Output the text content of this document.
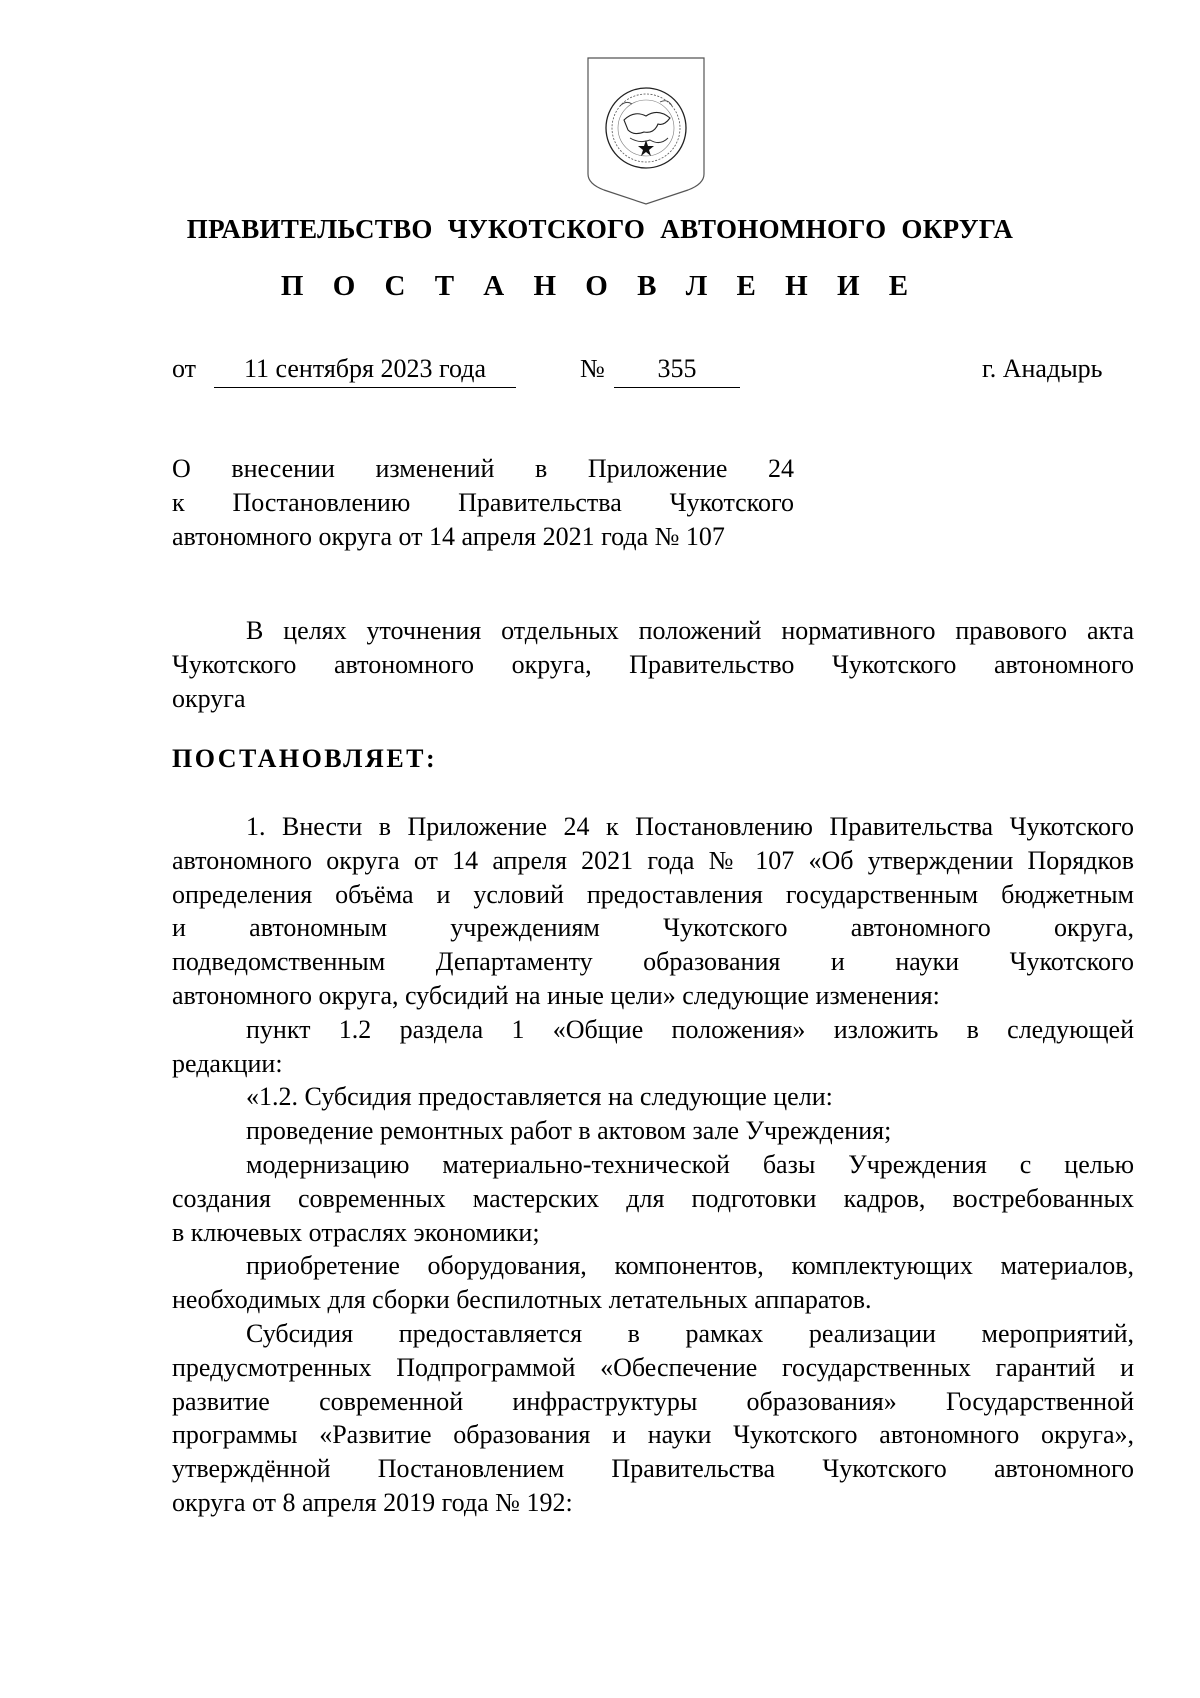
ПРАВИТЕЛЬСТВО ЧУКОТСКОГО АВТОНОМНОГО ОКРУГА
П О С Т А Н О В Л Е Н И Е
от	11 сентября 2023 года	№	355	г. Анадырь
О внесении изменений в Приложение 24
к Постановлению Правительства Чукотского
автономного округа от 14 апреля 2021 года № 107
В целях уточнения отдельных положений нормативного правового акта
Чукотского автономного округа, Правительство Чукотского автономного
округа
ПОСТАНОВЛЯЕТ:
1. Внести в Приложение 24 к Постановлению Правительства Чукотского
автономного округа от 14 апреля 2021 года № 107 «Об утверждении Порядков
определения объёма и условий предоставления государственным бюджетным
и автономным учреждениям Чукотского автономного округа,
подведомственным Департаменту образования и науки Чукотского
автономного округа, субсидий на иные цели» следующие изменения:
пункт 1.2 раздела 1 «Общие положения» изложить в следующей
редакции:
«1.2. Субсидия предоставляется на следующие цели:
проведение ремонтных работ в актовом зале Учреждения;
модернизацию материально-технической базы Учреждения с целью
создания современных мастерских для подготовки кадров, востребованных
в ключевых отраслях экономики;
приобретение оборудования, компонентов, комплектующих материалов,
необходимых для сборки беспилотных летательных аппаратов.
Субсидия предоставляется в рамках реализации мероприятий,
предусмотренных Подпрограммой «Обеспечение государственных гарантий и
развитие современной инфраструктуры образования» Государственной
программы «Развитие образования и науки Чукотского автономного округа»,
утверждённой Постановлением Правительства Чукотского автономного
округа от 8 апреля 2019 года № 192:
